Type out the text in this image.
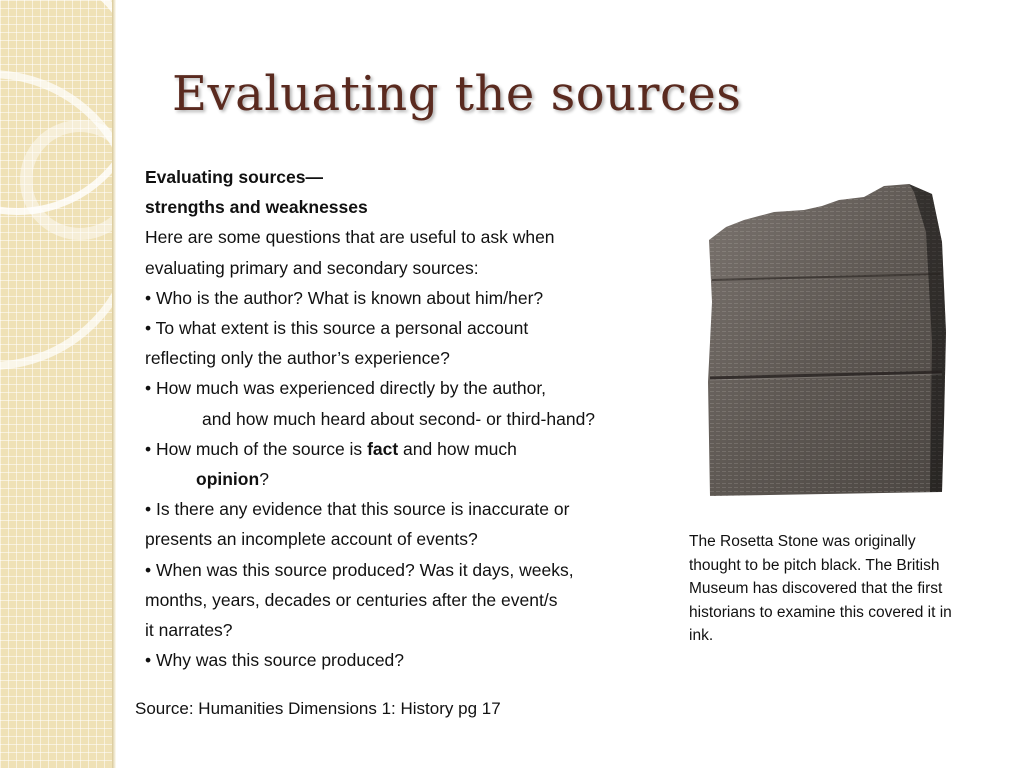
Evaluating the sources
Evaluating sources—
strengths and weaknesses
Here are some questions that are useful to ask when
evaluating primary and secondary sources:
• Who is the author? What is known about him/her?
• To what extent is this source a personal account
reflecting only the author’s experience?
• How much was experienced directly by the author,
and how much heard about second- or third-hand?
• How much of the source is fact and how much
opinion?
• Is there any evidence that this source is inaccurate or
presents an incomplete account of events?
• When was this source produced? Was it days, weeks,
months, years, decades or centuries after the event/s
it narrates?
• Why was this source produced?
The Rosetta Stone was originally thought to be pitch black. The British Museum has discovered that the first historians to examine this covered it in ink.
Source: Humanities Dimensions 1: History pg 17
